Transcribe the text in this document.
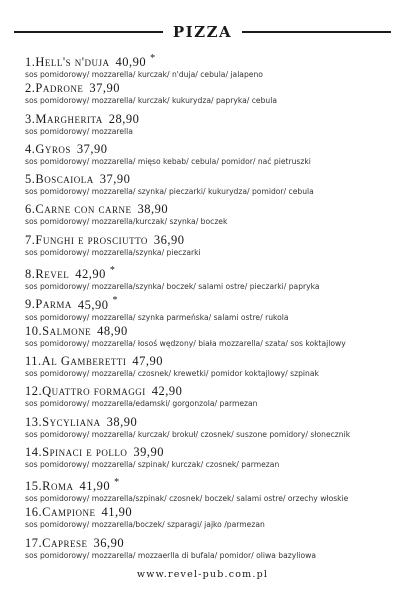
PIZZA
1.Hell's n'duja 40,90 *
sos pomidorowy/ mozzarella/ kurczak/ n'duja/ cebula/ jalapeno
2.Padrone 37,90
sos pomidorowy/ mozzarella/ kurczak/ kukurydza/ papryka/ cebula
3.Margherita 28,90
sos pomidorowy/ mozzarella
4.Gyros 37,90
sos pomidorowy/ mozzarella/ mięso kebab/ cebula/ pomidor/ nać pietruszki
5.Boscaiola 37,90
sos pomidorowy/ mozzarella/ szynka/ pieczarki/ kukurydza/ pomidor/ cebula
6.Carne con carne 38,90
sos pomidorowy/ mozzarella/kurczak/ szynka/ boczek
7.Funghi e prosciutto 36,90
sos pomidorowy/ mozzarella/szynka/ pieczarki
8.Revel 42,90 *
sos pomidorowy/ mozzarella/szynka/ boczek/ salami ostre/ pieczarki/ papryka
9.Parma 45,90 *
sos pomidorowy/ mozzarella/ szynka parmeńska/ salami ostre/ rukola
10.Salmone 48,90
sos pomidorowy/ mozzarella/ łosoś wędzony/ biała mozzarella/ szata/ sos koktajlowy
11.Al Gamberetti 47,90
sos pomidorowy/ mozzarella/ czosnek/ krewetki/ pomidor koktajlowy/ szpinak
12.Quattro formaggi 42,90
sos pomidorowy/ mozzarella/edamski/ gorgonzola/ parmezan
13.Sycyliana 38,90
sos pomidorowy/ mozzarella/ kurczak/ brokuł/ czosnek/ suszone pomidory/ słonecznik
14.Spinaci e pollo 39,90
sos pomidorowy/ mozzarella/ szpinak/ kurczak/ czosnek/ parmezan
15.Roma 41,90 *
sos pomidorowy/ mozzarella/szpinak/ czosnek/ boczek/ salami ostre/ orzechy włoskie
16.Campione 41,90
sos pomidorowy/ mozzarella/boczek/ szparagi/ jajko /parmezan
17.Caprese 36,90
sos pomidorowy/ mozzarella/ mozzaerlla di bufala/ pomidor/ oliwa bazyliowa
www.revel-pub.com.pl
